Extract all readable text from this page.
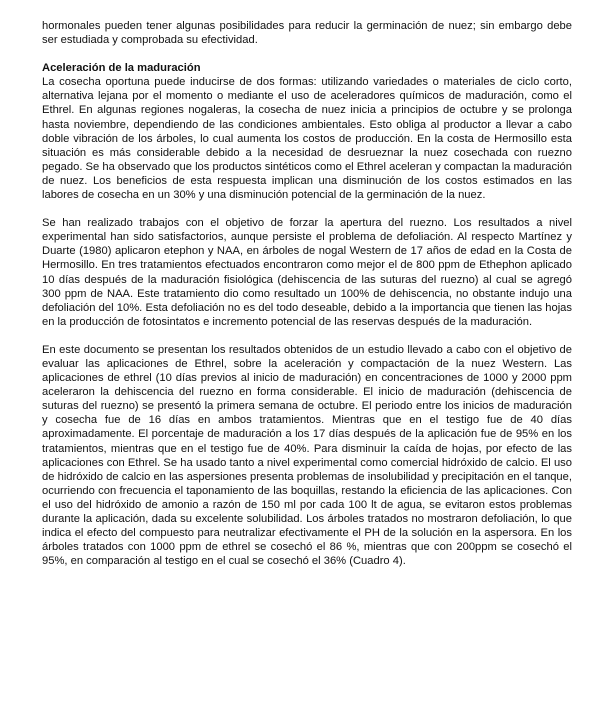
hormonales pueden tener algunas posibilidades para reducir la germinación de nuez; sin embargo debe ser estudiada y comprobada su efectividad.

Aceleración de la maduración

La cosecha oportuna puede inducirse de dos formas: utilizando variedades o materiales de ciclo corto, alternativa lejana por el momento o mediante el uso de aceleradores químicos de maduración, como el Ethrel. En algunas regiones nogaleras, la cosecha de nuez inicia a principios de octubre y se prolonga hasta noviembre, dependiendo de las condiciones ambientales. Esto obliga al productor a llevar a cabo doble vibración de los árboles, lo cual aumenta los costos de producción. En la costa de Hermosillo esta situación es más considerable debido a la necesidad de desrueznar la nuez cosechada con ruezno pegado. Se ha observado que los productos sintéticos como el Ethrel aceleran y compactan la maduración de nuez. Los beneficios de esta respuesta implican una disminución de los costos estimados en las labores de cosecha en un 30% y una disminución potencial de la germinación de la nuez.

Se han realizado trabajos con el objetivo de forzar la apertura del ruezno. Los resultados a nivel experimental han sido satisfactorios, aunque persiste el problema de defoliación. Al respecto Martínez y Duarte (1980) aplicaron etephon y NAA, en árboles de nogal Western de 17 años de edad en la Costa de Hermosillo. En tres tratamientos efectuados encontraron como mejor el de 800 ppm de Ethephon aplicado 10 días después de la maduración fisiológica (dehiscencia de las suturas del ruezno) al cual se agregó 300 ppm de NAA. Este tratamiento dio como resultado un 100% de dehiscencia, no obstante indujo una defoliación del 10%. Esta defoliación no es del todo deseable, debido a la importancia que tienen las hojas en la producción de fotosintatos e incremento potencial de las reservas después de la maduración.

En este documento se presentan los resultados obtenidos de un estudio llevado a cabo con el objetivo de evaluar las aplicaciones de Ethrel, sobre la aceleración y compactación de la nuez Western. Las aplicaciones de ethrel (10 días previos al inicio de maduración) en concentraciones de 1000 y 2000 ppm aceleraron la dehiscencia del ruezno en forma considerable. El inicio de maduración (dehiscencia de suturas del ruezno) se presentó la primera semana de octubre. El periodo entre los inicios de maduración y cosecha fue de 16 días en ambos tratamientos. Mientras que en el testigo fue de 40 días aproximadamente. El porcentaje de maduración a los 17 días después de la aplicación fue de 95% en los tratamientos, mientras que en el testigo fue de 40%. Para disminuir la caída de hojas, por efecto de las aplicaciones con Ethrel. Se ha usado tanto a nivel experimental como comercial hidróxido de calcio. El uso de hidróxido de calcio en las aspersiones presenta problemas de insolubilidad y precipitación en el tanque, ocurriendo con frecuencia el taponamiento de las boquillas, restando la eficiencia de las aplicaciones. Con el uso del hidróxido de amonio a razón de 150 ml por cada 100 lt de agua, se evitaron estos problemas durante la aplicación, dada su excelente solubilidad. Los árboles tratados no mostraron defoliación, lo que indica el efecto del compuesto para neutralizar efectivamente el PH de la solución en la aspersora. En los árboles tratados con 1000 ppm de ethrel se cosechó el 86 %, mientras que con 200ppm se cosechó el 95%, en comparación al testigo en el cual se cosechó el 36% (Cuadro 4).
